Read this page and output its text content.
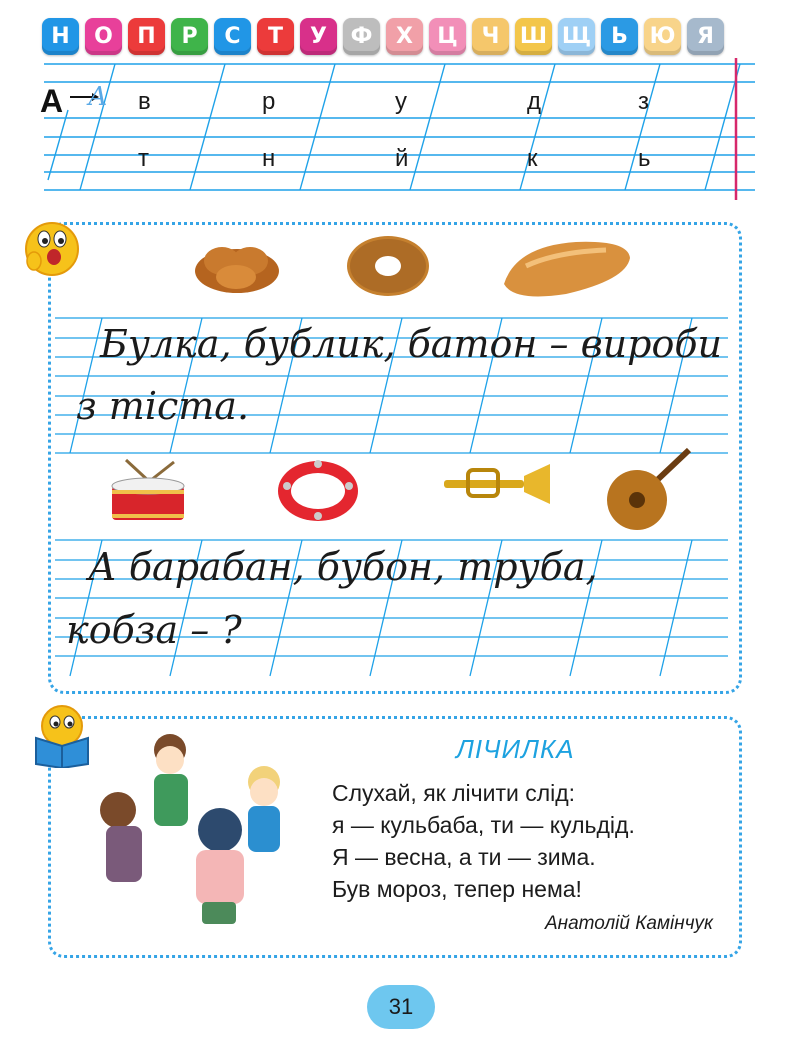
Н	О	П	Р	С	Т	У	Ф	Х	Ц	Ч Ш Щ Ь Ю Я
А А в	р	у	д	з
т	н	й	к	ь
Булка, бублик, батон – вироби
з тіста.
А барабан, бубон, труба,
кобза – ?
ЛІЧИЛКА
Слухай, як лічити слід:
я — кульбаба, ти — кульдід.
Я — весна, а ти — зима.
Був мороз, тепер нема!
Анатолій Камінчук
31
